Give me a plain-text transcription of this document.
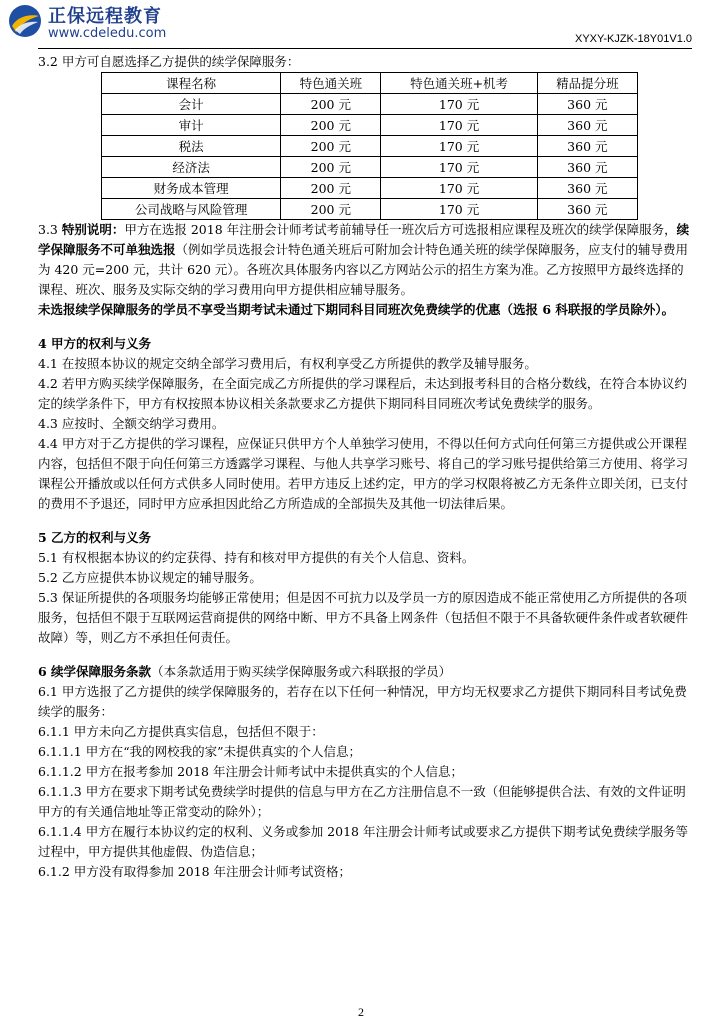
正保远程教育
www.cdeledu.com	XYXY-KJZK-18Y01V1.0

3.2 甲方可自愿选择乙方提供的续学保障服务：

课程名称	特色通关班	特色通关班+机考	精品提分班
会计	200 元	170 元	360 元
审计	200 元	170 元	360 元
税法	200 元	170 元	360 元
经济法	200 元	170 元	360 元
财务成本管理	200 元	170 元	360 元
公司战略与风险管理	200 元	170 元	360 元

3.3 特别说明：甲方在选报 2018 年注册会计师考试考前辅导任一班次后方可选报相应课程及班次的续学保障服务，续学保障服务不可单独选报（例如学员选报会计特色通关班后可附加会计特色通关班的续学保障服务，应支付的辅导费用为 420 元=200 元，共计 620 元）。各班次具体服务内容以乙方网站公示的招生方案为准。乙方按照甲方最终选择的课程、班次、服务及实际交纳的学习费用向甲方提供相应辅导服务。

未选报续学保障服务的学员不享受当期考试未通过下期同科目同班次免费续学的优惠（选报 6 科联报的学员除外）。

4 甲方的权利与义务

4.1 在按照本协议的规定交纳全部学习费用后，有权利享受乙方所提供的教学及辅导服务。

4.2 若甲方购买续学保障服务，在全面完成乙方所提供的学习课程后，未达到报考科目的合格分数线，在符合本协议约定的续学条件下，甲方有权按照本协议相关条款要求乙方提供下期同科目同班次考试免费续学的服务。

4.3 应按时、全额交纳学习费用。

4.4 甲方对于乙方提供的学习课程，应保证只供甲方个人单独学习使用，不得以任何方式向任何第三方提供或公开课程内容，包括但不限于向任何第三方透露学习课程、与他人共享学习账号、将自己的学习账号提供给第三方使用、将学习课程公开播放或以任何方式供多人同时使用。若甲方违反上述约定，甲方的学习权限将被乙方无条件立即关闭，已支付的费用不予退还，同时甲方应承担因此给乙方所造成的全部损失及其他一切法律后果。

5 乙方的权利与义务

5.1 有权根据本协议的约定获得、持有和核对甲方提供的有关个人信息、资料。

5.2 乙方应提供本协议规定的辅导服务。

5.3 保证所提供的各项服务均能够正常使用；但是因不可抗力以及学员一方的原因造成不能正常使用乙方所提供的各项服务，包括但不限于互联网运营商提供的网络中断、甲方不具备上网条件（包括但不限于不具备软硬件条件或者软硬件故障）等，则乙方不承担任何责任。

6 续学保障服务条款（本条款适用于购买续学保障服务或六科联报的学员）

6.1 甲方选报了乙方提供的续学保障服务的，若存在以下任何一种情况，甲方均无权要求乙方提供下期同科目考试免费续学的服务：

6.1.1 甲方未向乙方提供真实信息，包括但不限于：

6.1.1.1 甲方在“我的网校我的家”未提供真实的个人信息；

6.1.1.2 甲方在报考参加 2018 年注册会计师考试中未提供真实的个人信息；

6.1.1.3 甲方在要求下期考试免费续学时提供的信息与甲方在乙方注册信息不一致（但能够提供合法、有效的文件证明甲方的有关通信地址等正常变动的除外）；

6.1.1.4 甲方在履行本协议约定的权利、义务或参加 2018 年注册会计师考试或要求乙方提供下期考试免费续学服务等过程中，甲方提供其他虚假、伪造信息；

6.1.2 甲方没有取得参加 2018 年注册会计师考试资格；

2
